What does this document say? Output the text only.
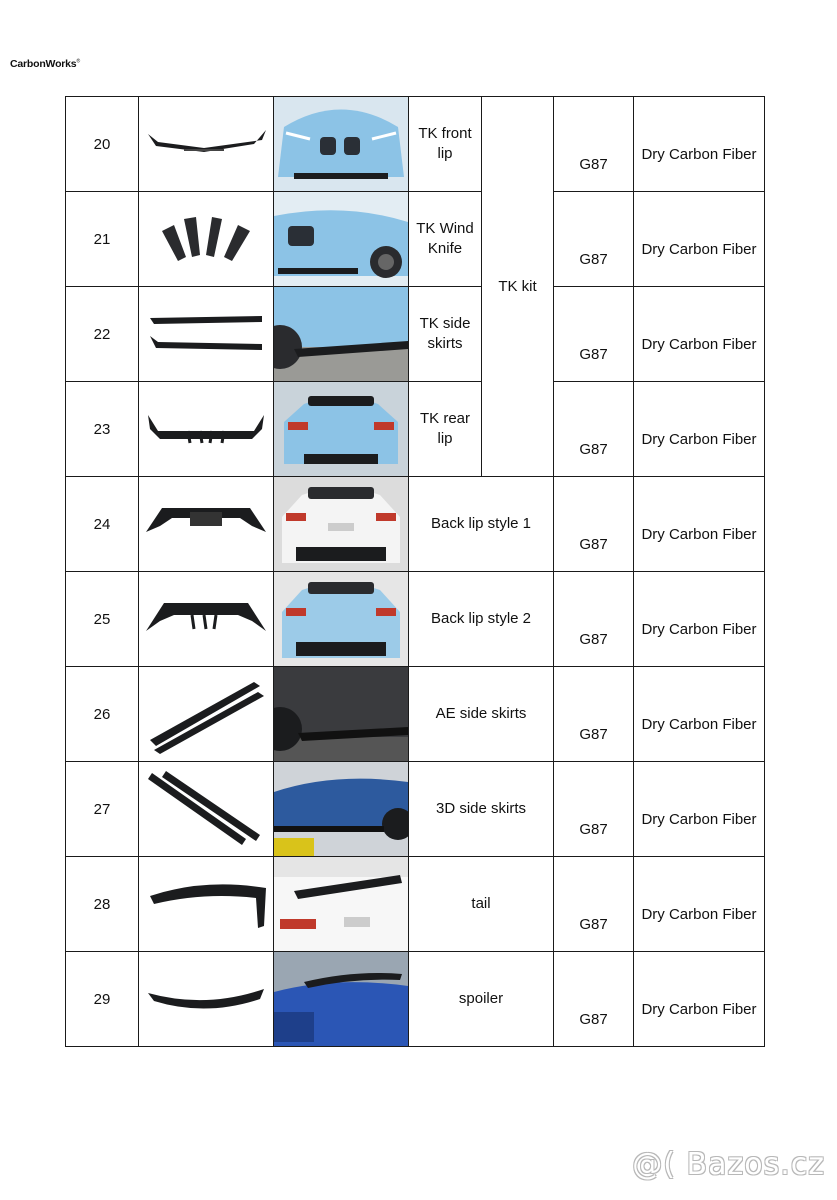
CarbonWorks®
20			TK front
lip	TK kit	G87	Dry Carbon Fiber

21			TK Wind
Knife		G87	Dry Carbon Fiber

22			TK side
skirts		G87	Dry Carbon Fiber

23			TK rear
lip		G87	Dry Carbon Fiber

24			Back lip style 1		G87	Dry Carbon Fiber

25			Back lip style 2		G87	Dry Carbon Fiber

26			AE side skirts		G87	Dry Carbon Fiber

27			3D side skirts		G87	Dry Carbon Fiber

28			tail		G87	Dry Carbon Fiber

29			spoiler		G87	Dry Carbon Fiber
@( Bazos.cz
